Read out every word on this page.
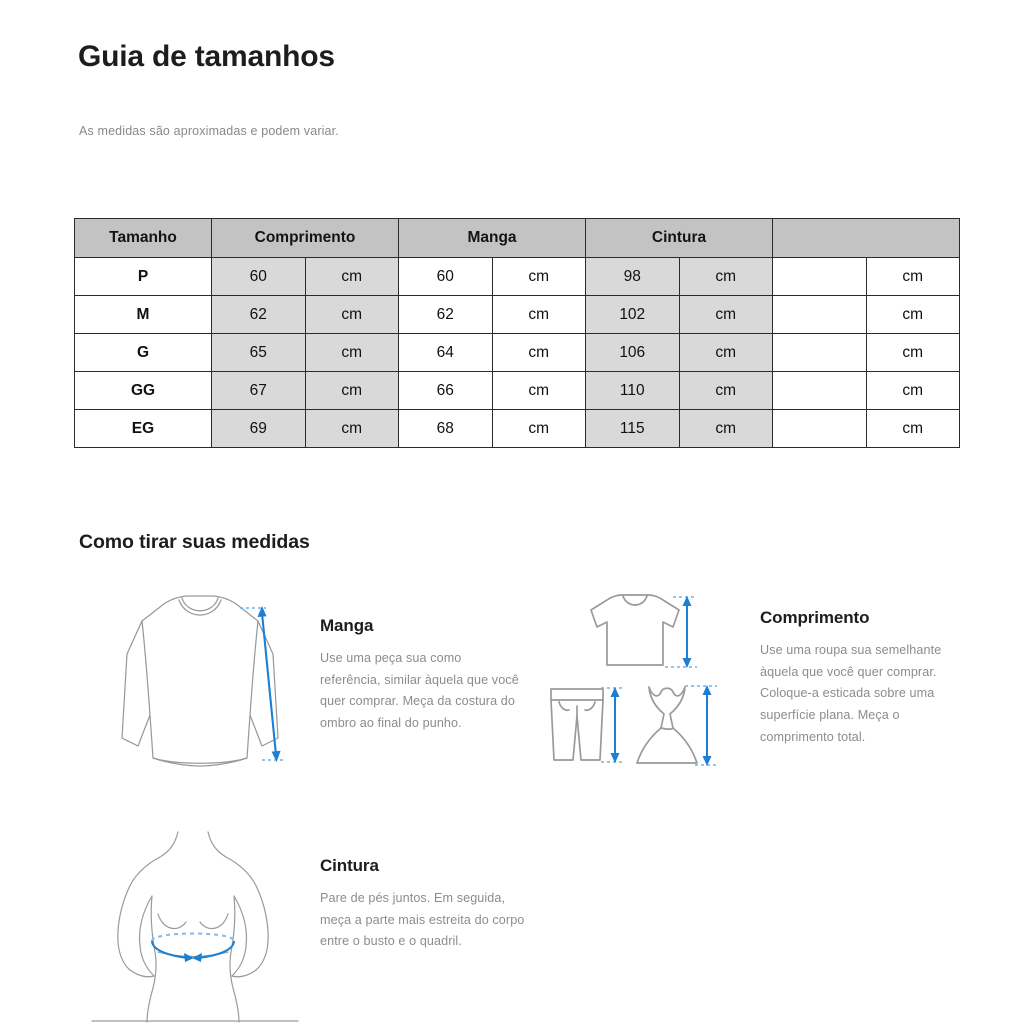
Guia de tamanhos
As medidas são aproximadas e podem variar.
Tamanho	Comprimento		Manga		Cintura			
P	60	cm	60	cm	98	cm		cm
M	62	cm	62	cm	102	cm		cm
G	65	cm	64	cm	106	cm		cm
GG	67	cm	66	cm	110	cm		cm
EG	69	cm	68	cm	115	cm		cm
Como tirar suas medidas

Manga

Use uma peça sua como referência, similar àquela que você quer comprar. Meça da costura do ombro ao final do punho.

Comprimento

Use uma roupa sua semelhante àquela que você quer comprar. Coloque-a esticada sobre uma superfície plana. Meça o comprimento total.

Cintura

Pare de pés juntos. Em seguida, meça a parte mais estreita do corpo entre o busto e o quadril.
